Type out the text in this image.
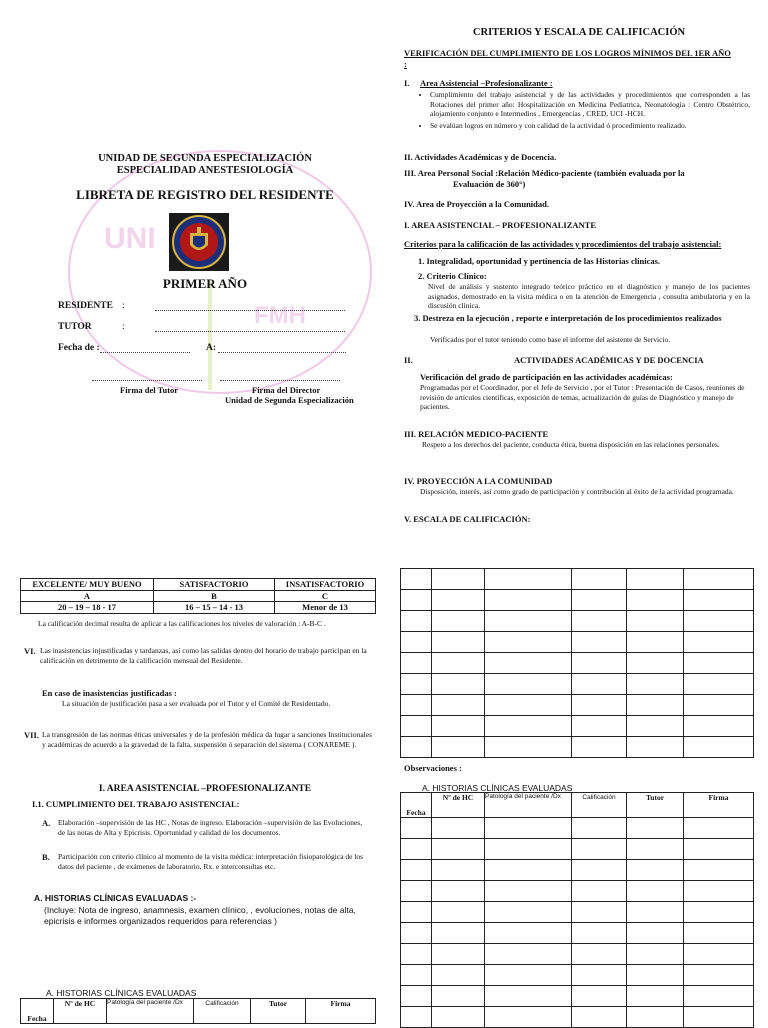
UNI
FMH
UNIDAD DE SEGUNDA ESPECIALIZACIÓN
ESPECIALIDAD ANESTESIOLOGÍA
LIBRETA DE REGISTRO DEL RESIDENTE
PRIMER AÑO
RESIDENTE :
TUTOR	:
Fecha de :	A:
Firma del Tutor	Firma del Director
Unidad de Segunda Especialización
CRITERIOS Y ESCALA DE CALIFICACIÓN
VERIFICACIÓN DEL CUMPLIMIENTO DE LOS LOGROS MÍNIMOS DEL 1ER AÑO :
I. Area Asistencial –Profesionalizante :
• Cumplimiento del trabajo asistencial y de las actividades y procedimientos que corresponden a las Rotaciones del primer año: Hospitalización en Medicina Pediatrica, Neonatología : Centro Obstétrico, alojamiento conjunto e Intermedios , Emergencias , CRED, UCI -HCH.
• Se evalúan logros en número y con calidad de la actividad ó procedimiento realizado.
II. Actividades Académicas y de Docencia.
III. Area Personal Social :Relación Médico-paciente (también evaluada por la
Evaluación de 360°)
IV. Area de Proyección a la Comunidad.
I. AREA ASISTENCIAL – PROFESIONALIZANTE
Criterios para la calificación de las actividades y procedimientos del trabajo asistencial:
1. Integralidad, oportunidad y pertinencia de las Historias clínicas.
2. Criterio Clínico:
Nivel de análisis y sustento integrado teórico práctico en el diagnóstico y manejo de los pacientes asignados, demostrado en la visita médica o en la atención de Emergencia , consulta ambulatoria y en la discusión clínica.
3. Destreza en la ejecución , reporte e interpretación de los procedimientos realizados
Verificados por el tutor teniendo como base el informe del asistente de Servicio.
II.	ACTIVIDADES ACADÉMICAS Y DE DOCENCIA
Verificación del grado de participación en las actividades académicas:
Programadas por el Coordinador, por el Jefe de Servicio , por el Tutor : Presentación de Casos, reuniones de revisión de artículos científicas, exposición de temas, actualización de guías de Diagnóstico y manejo de pacientes.
III. RELACIÓN MEDICO-PACIENTE
Respeto a los derechos del paciente, conducta ética, buena disposición en las relaciones personales.
IV. PROYECCIÓN A LA COMUNIDAD
Disposición, interés, así como grado de participación y contribución al éxito de la actividad programada.
V. ESCALA DE CALIFICACIÓN:
EXCELENTE/ MUY BUENO	SATISFACTORIO	INSATISFACTORIO
A	B	C
20 – 19 – 18 - 17	16 – 15 – 14 - 13	Menor de 13
La calificación decimal resulta de aplicar a las calificaciones los niveles de valoración : A-B-C .
VI. Las inasistencias injustificadas y tardanzas, así como las salidas dentro del horario de trabajo participan en la calificación en detrimento de la calificación mensual del Residente.
En caso de inasistencias justificadas :
La situación de justificación pasa a ser evaluada por el Tutor y el Comité de Residentado.
VII. La transgresión de las normas éticas universales y de la profesión médica da lugar a sanciones Institucionales y académicas de acuerdo a la gravedad de la falta, suspensión ó separación del sistema ( CONAREME ).
I. AREA ASISTENCIAL –PROFESIONALIZANTE
I.1. CUMPLIMIENTO DEL TRABAJO ASISTENCIAL:
A. Elaboración –supervisión de las HC , Notas de ingreso. Elaboración –supervisión de las Evoluciones, de las notas de Alta y Epicrisis. Oportunidad y calidad de los documentos.
B. Participación con criterio clínico al momento de la visita médica: interpretación fisiopatológica de los datos del paciente , de exámenes de laboratorio, Rx. e interconsultas etc.
A. HISTORIAS CLÍNICAS EVALUADAS :-
(Incluye: Nota de ingreso, anamnesis, examen clínico, , evoluciones, notas de alta, epicrisis e informes organizados requeridos para referencias )
A. HISTORIAS CLÍNICAS EVALUADAS
Fecha	Nº de HC	Patología del paciente /Dx	Calificación	Tutor	Firma

Observaciones :
A. HISTORIAS CLÍNICAS EVALUADAS
Fecha	Nº de HC	Patología del paciente /Dx	Calificación	Tutor	Firma
